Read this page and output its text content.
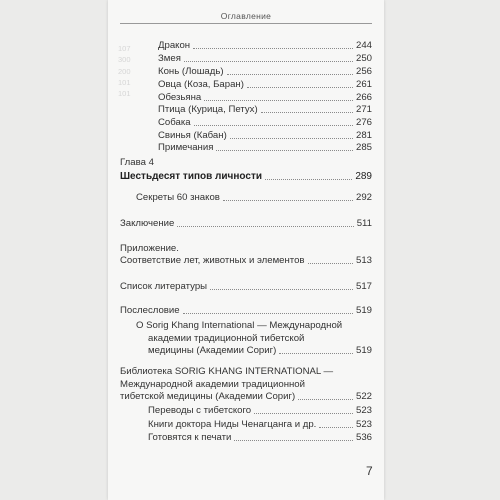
Оглавление
107
300
200
101
101
Дракон	244
Змея	250
Конь (Лошадь)	256
Овца (Коза, Баран)	261
Обезьяна	266
Птица (Курица, Петух)	271
Собака	276
Свинья (Кабан)	281
Примечания	285
Глава 4
Шестьдесят типов личности	289
Секреты 60 знаков	292
Заключение	511
Приложение.
Соответствие лет, животных и элементов	513
Список литературы	517
Послесловие	519
О Sorig Khang International — Международной
академии традиционной тибетской
медицины (Академии Сориг)	519
Библиотека SORIG KHANG INTERNATIONAL —
Международной академии традиционной
тибетской медицины (Академии Сориг)	522
Переводы с тибетского	523
Книги доктора Ниды Ченагцанга и др.	523
Готовятся к печати	536
7
